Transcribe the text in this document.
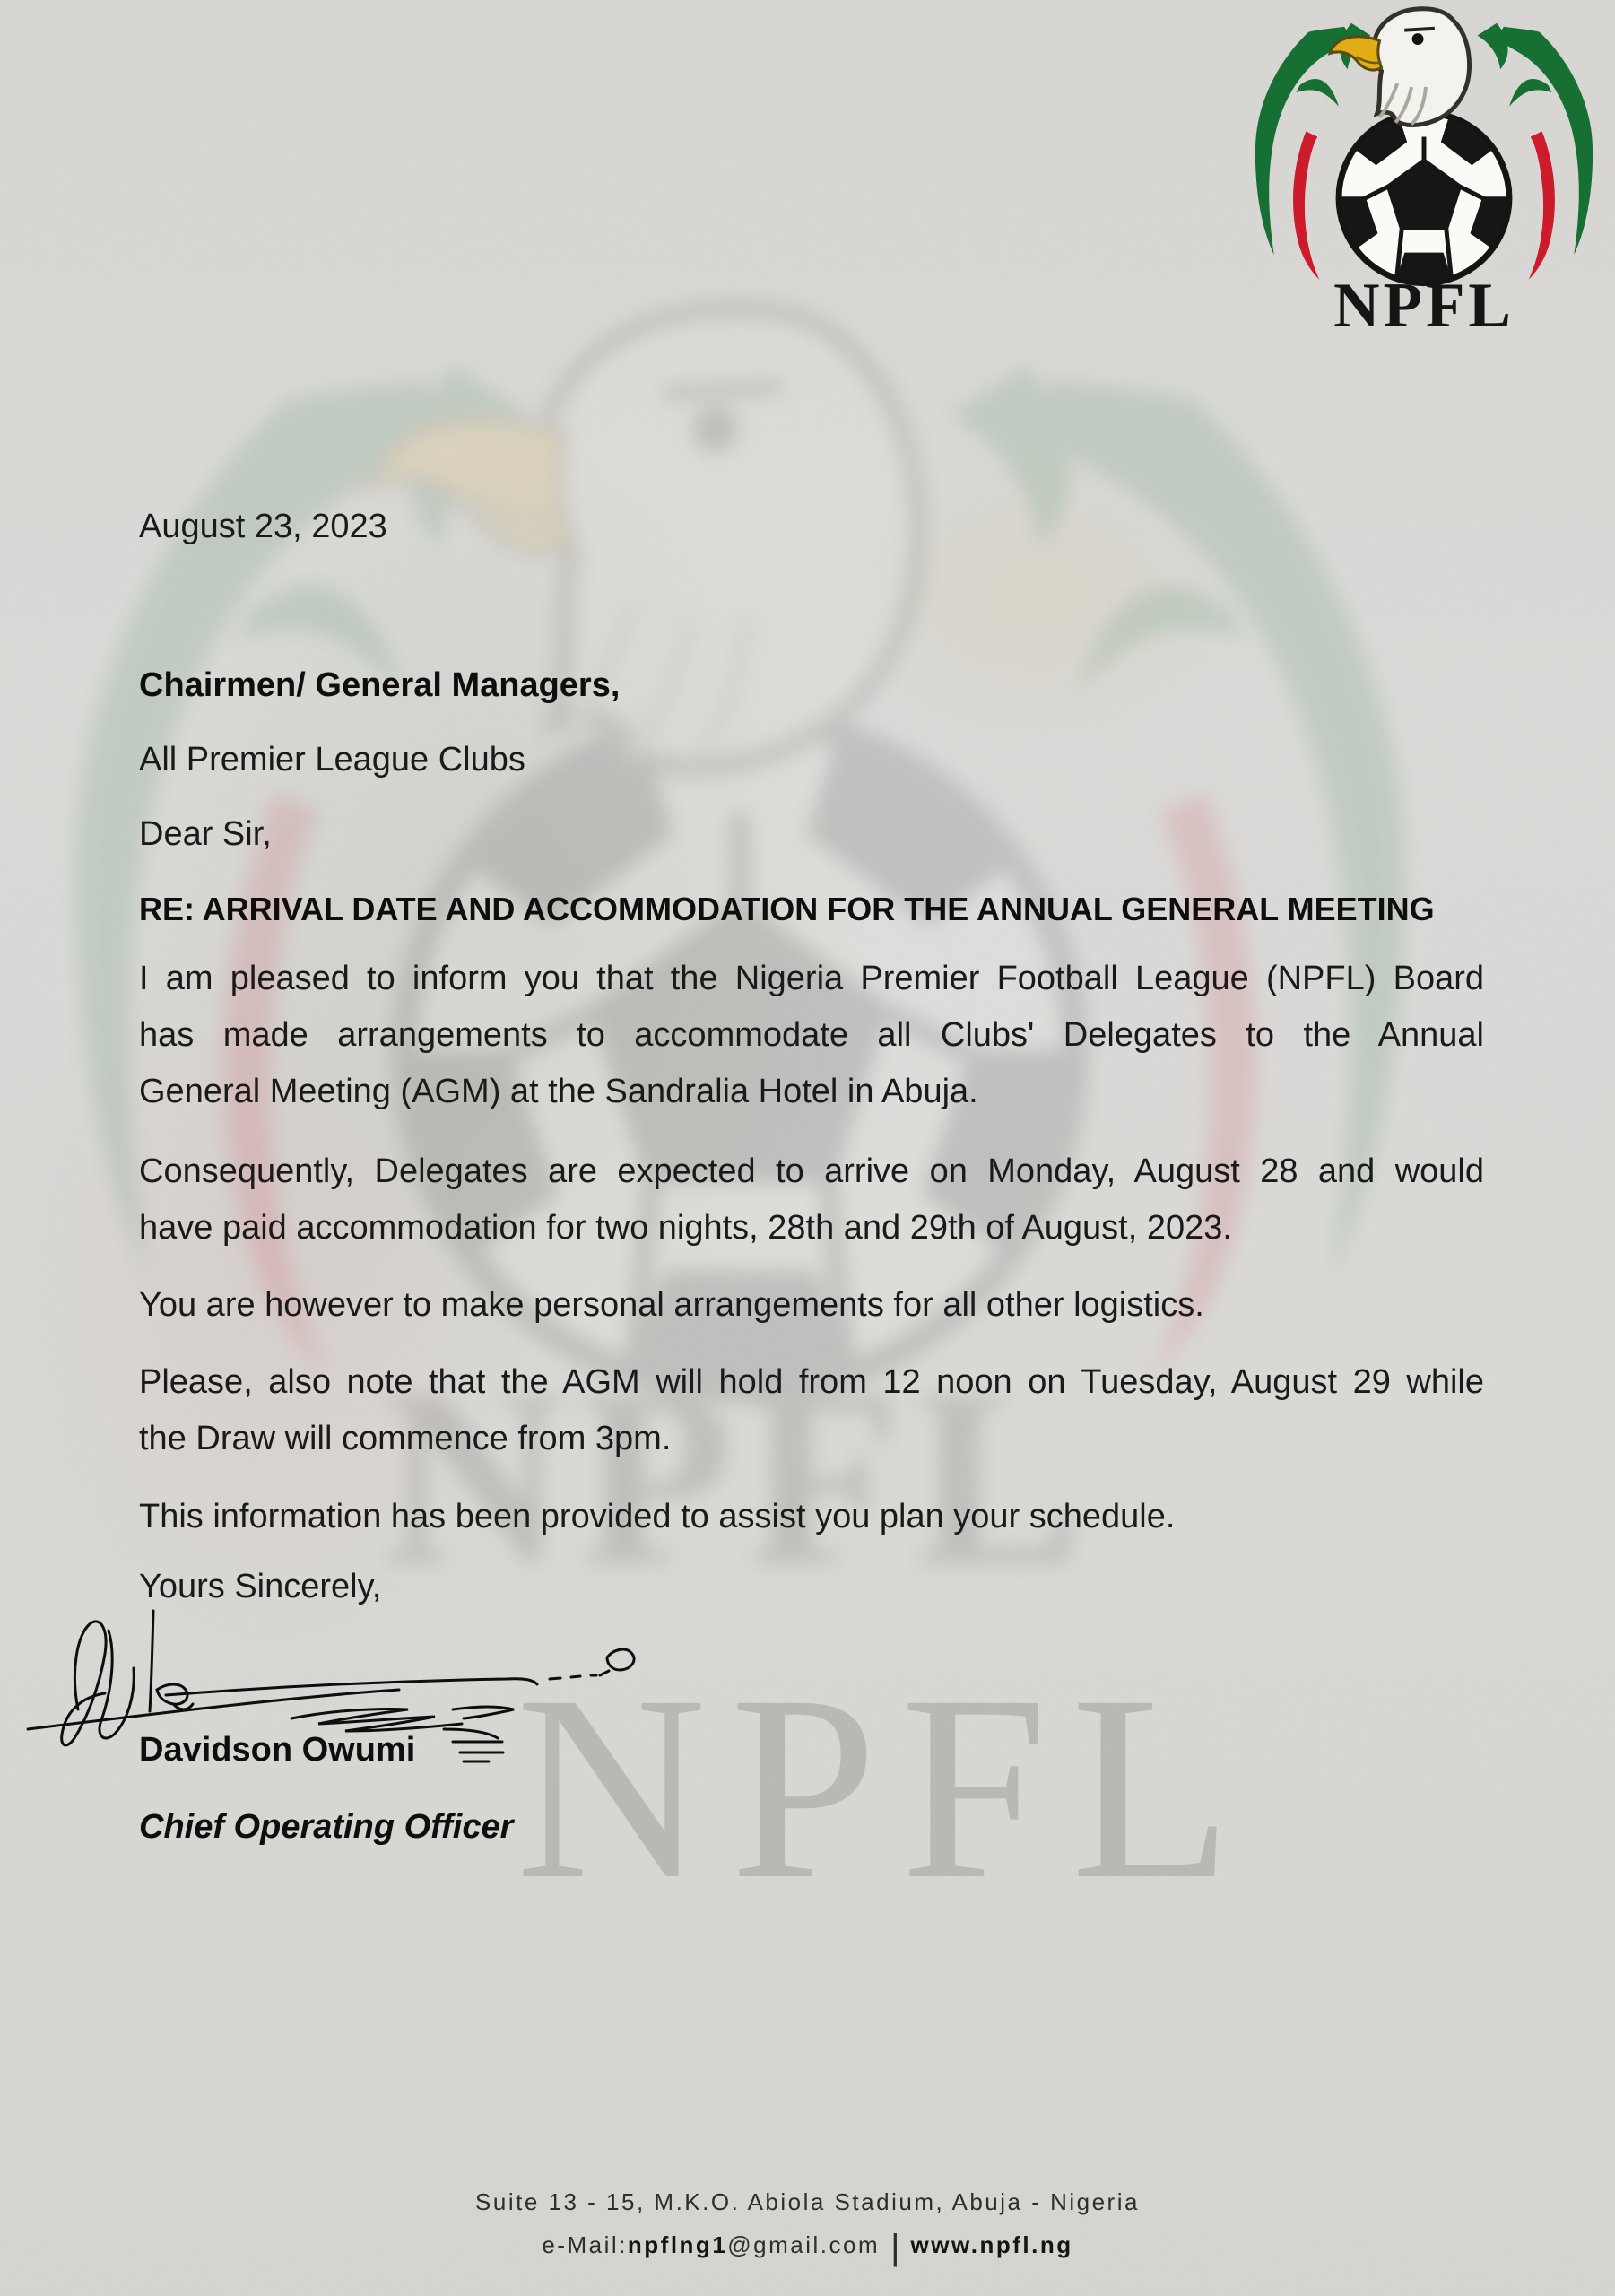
NPFL
August 23, 2023
Chairmen/ General Managers,
All Premier League Clubs
Dear Sir,
RE: ARRIVAL DATE AND ACCOMMODATION FOR THE ANNUAL GENERAL MEETING
I am pleased to inform you that the Nigeria Premier Football League (NPFL) Board
has made arrangements to accommodate all Clubs' Delegates to the Annual
General Meeting (AGM) at the Sandralia Hotel in Abuja.
Consequently, Delegates are expected to arrive on Monday, August 28 and would
have paid accommodation for two nights, 28th and 29th of August, 2023.
You are however to make personal arrangements for all other logistics.
Please, also note that the AGM will hold from 12 noon on Tuesday, August 29 while
the Draw will commence from 3pm.
This information has been provided to assist you plan your schedule.
Yours Sincerely,
Davidson Owumi
Chief Operating Officer
Suite 13 - 15, M.K.O. Abiola Stadium, Abuja - Nigeria
e-Mail:npflng1@gmail.com | www.npfl.ng
